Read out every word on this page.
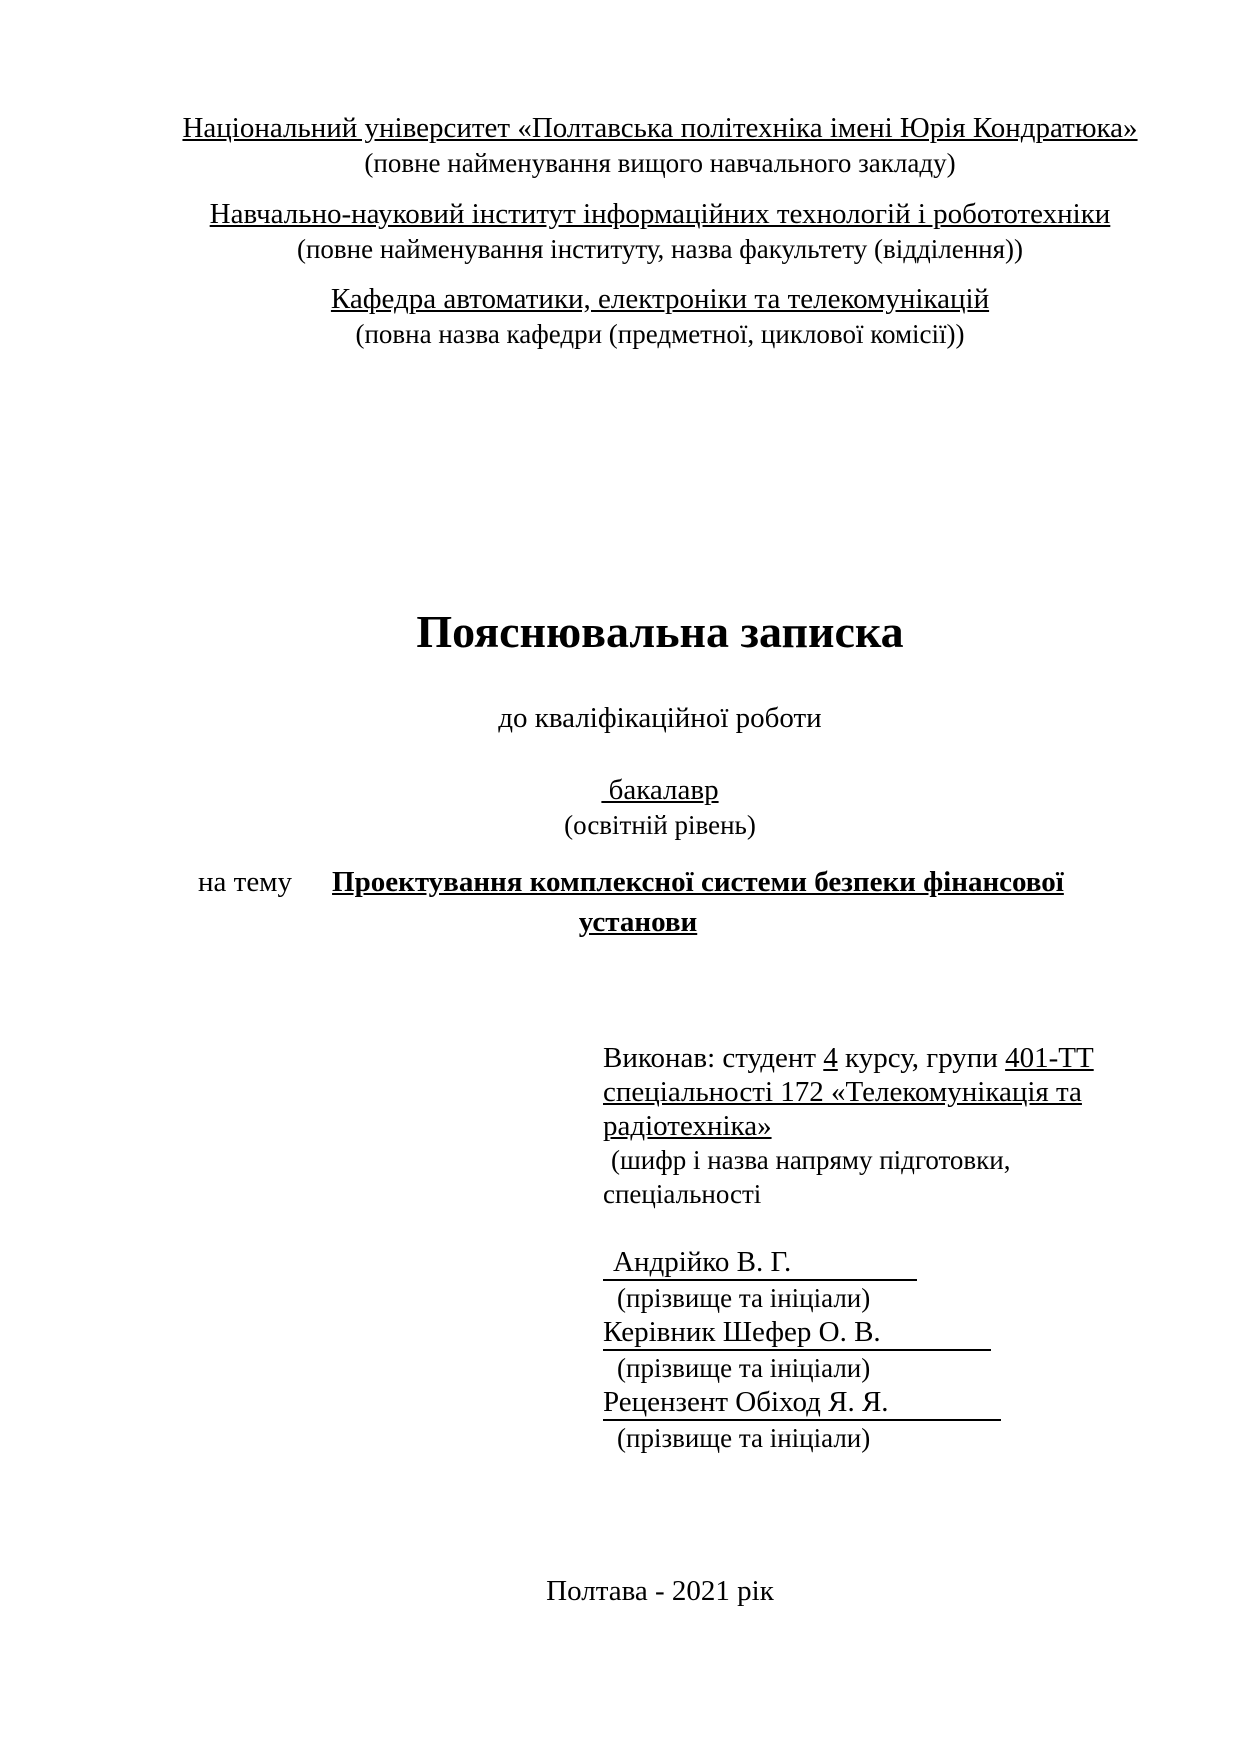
Національний університет «Полтавська політехніка імені Юрія Кондратюка»
(повне найменування вищого навчального закладу)
Навчально-науковий інститут інформаційних технологій і робототехніки
(повне найменування інституту, назва факультету (відділення))
Кафедра автоматики, електроніки та телекомунікацій
(повна назва кафедри (предметної, циклової комісії))
Пояснювальна записка
до кваліфікаційної роботи
бакалавр
(освітній рівень)
на тему Проектування комплексної системи безпеки фінансової
установи
Виконав: студент 4 курсу, групи 401-ТТ
спеціальності 172 «Телекомунікація та радіотехніка»
(шифр і назва напряму підготовки,
спеціальності
Андрійко В. Г.
(прізвище та ініціали)
Керівник Шефер О. В.
(прізвище та ініціали)
Рецензент Обіход Я. Я.
(прізвище та ініціали)
Полтава - 2021 рік
